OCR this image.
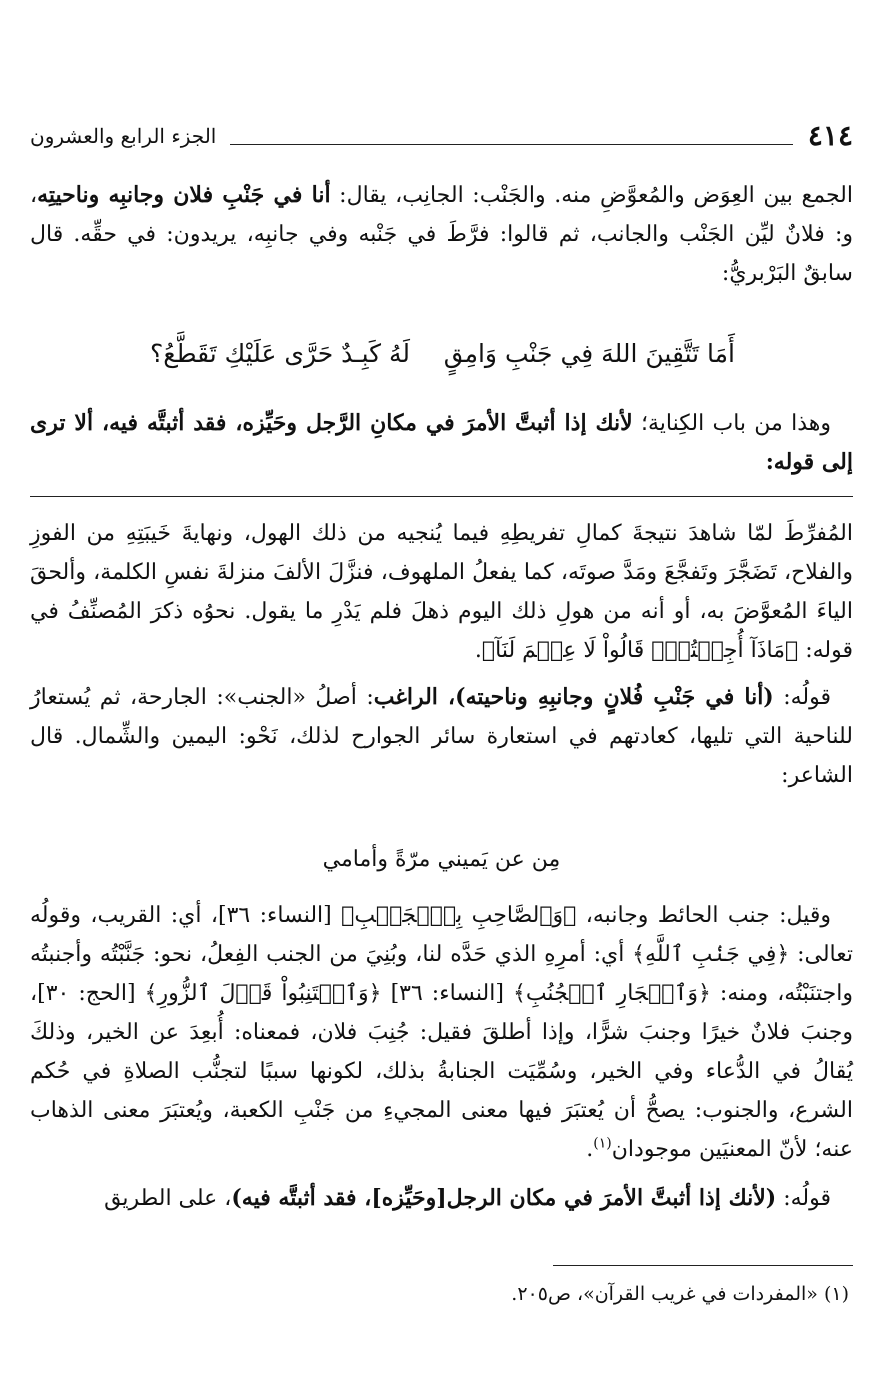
٤١٤
الجزء الرابع والعشرون

الجمع بين العِوَض والمُعوَّضِ منه. والجَنْب: الجانِب، يقال: أنا في جَنْبِ فلان وجانبِه وناحيتِه، و: فلانٌ ليِّن الجَنْب والجانب، ثم قالوا: فرَّطَ في جَنْبه وفي جانبِه، يريدون: في حقِّه. قال سابقٌ البَرْبريُّ:

أَمَا تَتَّقِينَ اللهَ فِي جَنْبِ وَامِقٍ
لَهُ كَبِـدٌ حَرَّى عَلَيْكِ تَقَطَّعُ؟

وهذا من باب الكِناية؛ لأنك إذا أثبتَّ الأمرَ في مكانِ الرَّجل وحَيِّزه، فقد أثبتَّه فيه، ألا ترى إلى قوله:

المُفرِّطَ لمّا شاهدَ نتيجةَ كمالِ تفريطِهِ فيما يُنجيه من ذلك الهول، ونهايةَ خَيبَتِهِ من الفوزِ والفلاح، تَضَجَّرَ وتَفجَّعَ ومَدَّ صوتَه، كما يفعلُ الملهوف، فنزَّلَ الألفَ منزلةَ نفسِ الكلمة، وألحقَ الياءَ المُعوَّضَ به، أو أنه من هولِ ذلك اليوم ذهلَ فلم يَدْرِ ما يقول. نحوُه ذكرَ المُصنِّفُ في قوله: ﴿مَاذَآ أُجِبۡتُمۡۖ قَالُواْ لَا عِلۡمَ لَنَآ﴾.

قولُه: (أنا في جَنْبِ فُلانٍ وجانبِهِ وناحيته)، الراغب: أصلُ «الجنب»: الجارحة، ثم يُستعارُ للناحية التي تليها، كعادتهم في استعارة سائر الجوارح لذلك، نَحْو: اليمين والشِّمال. قال الشاعر:

مِن عن يَميني مرّةً وأمامي

وقيل: جنب الحائط وجانبه، ﴿وَٱلصَّاحِبِ بِٱلۡجَنۢبِ﴾ [النساء: ٣٦]، أي: القريب، وقولُه تعالى: ﴿فِي جَنۢبِ ٱللَّهِ﴾ أي: أمرِهِ الذي حَدَّه لنا، وبُنِيَ من الجنب الفِعلُ، نحو: جَنَّبْتُه وأجنبتُه واجتنَبْتُه، ومنه: ﴿وَٱلۡجَارِ ٱلۡجُنُبِ﴾ [النساء: ٣٦] ﴿وَٱجۡتَنِبُواْ قَوۡلَ ٱلزُّورِ﴾ [الحج: ٣٠]، وجنبَ فلانٌ خيرًا وجنبَ شرًّا، وإذا أطلقَ فقيل: جُنِبَ فلان، فمعناه: أُبعِدَ عن الخير، وذلكَ يُقالُ في الدُّعاء وفي الخير، وسُمِّيَت الجنابةُ بذلك، لكونها سببًا لتجنُّب الصلاةِ في حُكم الشرع، والجنوب: يصحُّ أن يُعتبَرَ فيها معنى المجيءِ من جَنْبِ الكعبة، ويُعتبَرَ معنى الذهاب عنه؛ لأنّ المعنيَين موجودان$^{(١)}$.

قولُه: (لأنك إذا أثبتَّ الأمرَ في مكان الرجل[وحَيِّزه]، فقد أثبتَّه فيه)، على الطريق

(١) «المفردات في غريب القرآن»، ص٢٠٥.
